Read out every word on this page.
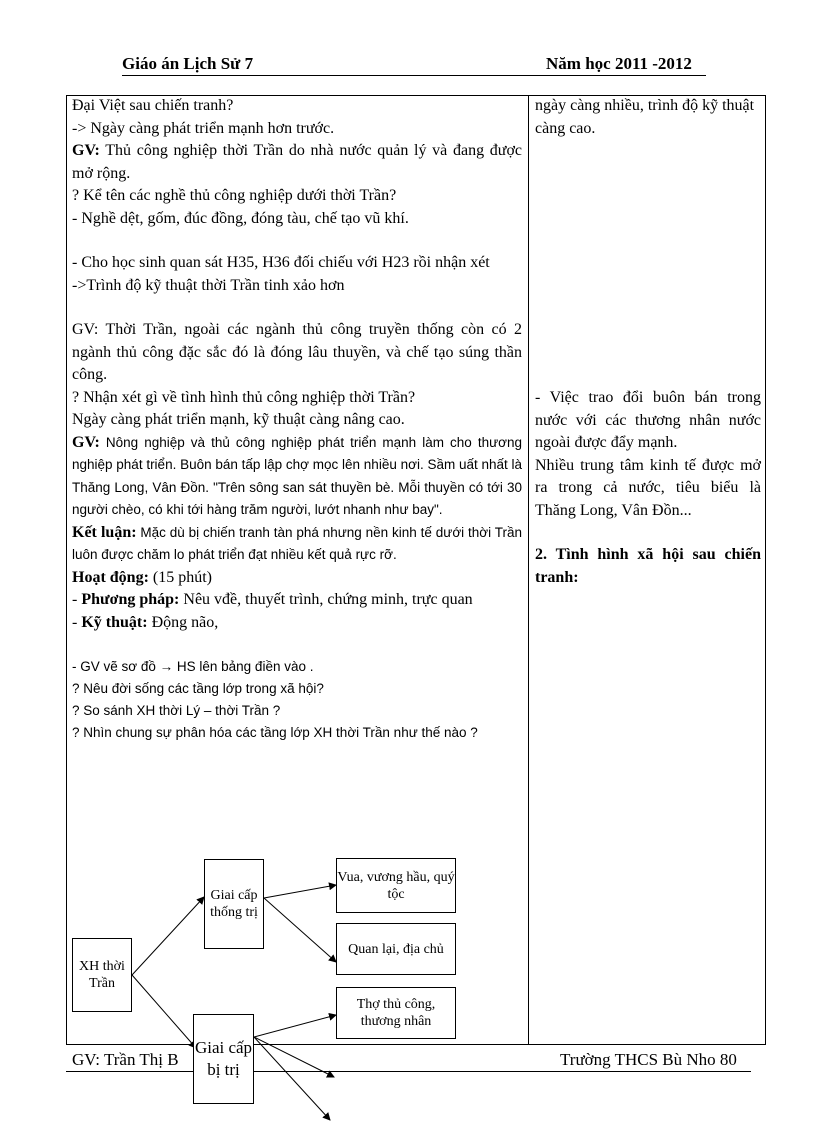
Giáo án Lịch Sử 7	Năm học 2011 -2012

Đại Việt sau chiến tranh?

-> Ngày càng phát triển mạnh hơn trước.

GV: Thủ công nghiệp thời Trần do nhà nước quản lý và đang được mở rộng.

? Kể tên các nghề thủ công nghiệp dưới thời Trần?

- Nghề dệt, gốm, đúc đồng, đóng tàu, chế tạo vũ khí.

- Cho học sinh quan sát H35, H36 đối chiếu với H23 rồi nhận xét

->Trình độ kỹ thuật thời Trần tinh xảo hơn

GV: Thời Trần, ngoài các ngành thủ công truyền thống còn có 2 ngành thủ công đặc sắc đó là đóng lâu thuyền, và chế tạo súng thần công.

? Nhận xét gì về tình hình thủ công nghiệp thời Trần?

Ngày càng phát triển mạnh, kỹ thuật càng nâng cao.

GV: Nông nghiệp và thủ công nghiệp phát triển mạnh làm cho thương nghiệp phát triển. Buôn bán tấp lập chợ mọc lên nhiều nơi. Sầm uất nhất là Thăng Long, Vân Đồn. "Trên sông san sát thuyền bè. Mỗi thuyền có tới 30 người chèo, có khi tới hàng trăm người, lướt nhanh như bay".

Kết luận: Mặc dù bị chiến tranh tàn phá nhưng nền kinh tế dưới thời Trần luôn được chăm lo phát triển đạt nhiều kết quả rực rỡ.

Hoạt động: (15 phút)

- Phương pháp: Nêu vđề, thuyết trình, chứng minh, trực quan

- Kỹ thuật: Động não,

- GV vẽ sơ đồ → HS lên bảng điền vào .

? Nêu đời sống các tầng lớp trong xã hội?

? So sánh XH thời Lý – thời Trần ?

? Nhìn chung sự phân hóa các tầng lớp XH thời Trần như thế nào ?

ngày càng nhiều, trình độ kỹ thuật càng cao.

- Việc trao đổi buôn bán trong nước với các thương nhân nước ngoài được đẩy mạnh.

Nhiều trung tâm kinh tế được mở ra trong cả nước, tiêu biểu là Thăng Long, Vân Đồn...

2. Tình hình xã hội sau chiến tranh:

XH thời Trần
Giai cấp thống trị
Vua, vương hầu, quý tộc
Quan lại, địa chủ
Thợ thủ công, thương nhân
GV: Trần Thị B	Trường THCS Bù Nho 80
Giai cấp bị trị
